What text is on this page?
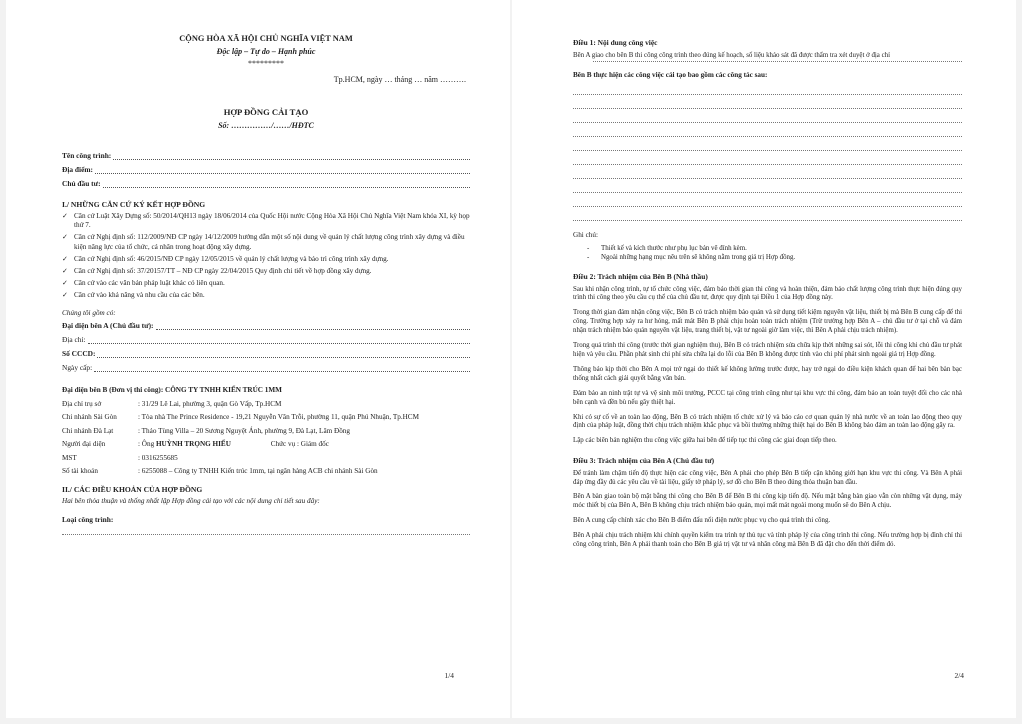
CỘNG HÒA XÃ HỘI CHỦ NGHĨA VIỆT NAM
Độc lập – Tự do – Hạnh phúc
*********
Tp.HCM, ngày … tháng … năm ……….
HỢP ĐỒNG CẢI TẠO
Số: ……………/……/HĐTC
Tên công trình:
Địa điểm:
Chủ đầu tư:
I./ NHỮNG CĂN CỨ KÝ KẾT HỢP ĐỒNG
✓ Căn cứ Luật Xây Dựng số: 50/2014/QH13 ngày 18/06/2014 của Quốc Hội nước Cộng Hòa Xã Hội Chủ Nghĩa Việt Nam khóa XI, kỳ họp thứ 7.
✓ Căn cứ Nghị định số: 112/2009/NĐ CP ngày 14/12/2009 hướng dẫn một số nội dung về quản lý chất lượng công trình xây dựng và điều kiện năng lực của tổ chức, cá nhân trong hoạt động xây dựng.
✓ Căn cứ Nghị định số: 46/2015/NĐ CP ngày 12/05/2015 về quản lý chất lượng và bảo trì công trình xây dựng.
✓ Căn cứ Nghị định số: 37/20157/TT – NĐ CP ngày 22/04/2015 Quy định chi tiết về hợp đồng xây dựng.
✓ Căn cứ vào các văn bản pháp luật khác có liên quan.
✓ Căn cứ vào khả năng và nhu cầu của các bên.
Chúng tôi gồm có:
Đại diện bên A (Chủ đầu tư):
Địa chỉ:
Số CCCD:
Ngày cấp:
Đại diện bên B (Đơn vị thi công): CÔNG TY TNHH KIẾN TRÚC 1MM
Địa chỉ trụ sở	: 31/29 Lê Lai, phường 3, quận Gò Vấp, Tp.HCM
Chi nhánh Sài Gòn	: Tòa nhà The Prince Residence - 19,21 Nguyễn Văn Trỗi, phường 11, quận Phú Nhuận, Tp.HCM
Chi nhánh Đà Lạt	: Thảo Tùng Villa – 20 Sương Nguyệt Ánh, phường 9, Đà Lạt, Lâm Đồng
Người đại diện	: Ông HUỲNH TRỌNG HIẾU	Chức vụ : Giám đốc
MST	: 0316255685
Số tài khoản	: 6255088 – Công ty TNHH Kiến trúc 1mm, tại ngân hàng ACB chi nhánh Sài Gòn
II./ CÁC ĐIỀU KHOẢN CỦA HỢP ĐỒNG
Hai bên thỏa thuận và thống nhất lập Hợp đồng cải tạo với các nội dung chi tiết sau đây:
Loại công trình:
1/4
Điều 1: Nội dung công việc
Bên A giao cho bên B thi công công trình theo đúng kế hoạch, số liệu khảo sát đã được thẩm tra xét duyệt ở địa chỉ
Bên B thực hiện các công việc cải tạo bao gồm các công tác sau:
Ghi chú:
-	Thiết kế và kích thước như phụ lục bản vẽ đính kèm.
-	Ngoài những hạng mục nêu trên sẽ không nằm trong giá trị Hợp đồng.
Điều 2: Trách nhiệm của Bên B (Nhà thầu)
Sau khi nhận công trình, tự tổ chức công việc, đảm bảo thời gian thi công và hoàn thiện, đảm bảo chất lượng công trình thực hiện đúng quy trình thi công theo yêu cầu cụ thể của chủ đầu tư, được quy định tại Điều 1 của Hợp đồng này.
Trong thời gian đảm nhận công việc, Bên B có trách nhiệm bảo quản và sử dụng tiết kiệm nguyên vật liệu, thiết bị mà Bên B cung cấp để thi công. Trường hợp xảy ra hư hỏng, mất mát Bên B phải chịu hoàn toàn trách nhiệm (Trừ trường hợp Bên A – chủ đầu tư ở tại chỗ và đảm nhận trách nhiệm bảo quản nguyên vật liệu, trang thiết bị, vật tư ngoài giờ làm việc, thì Bên A phải chịu trách nhiệm).
Trong quá trình thi công (trước thời gian nghiệm thu), Bên B có trách nhiệm sửa chữa kịp thời những sai sót, lỗi thi công khi chủ đầu tư phát hiện và yêu cầu. Phần phát sinh chi phí sửa chữa lại do lỗi của Bên B không được tính vào chi phí phát sinh ngoài giá trị Hợp đồng.
Thông báo kịp thời cho Bên A mọi trở ngại do thiết kế không lường trước được, hay trở ngại do điều kiện khách quan để hai bên bàn bạc thống nhất cách giải quyết bằng văn bản.
Đảm bảo an ninh trật tự và vệ sinh môi trường, PCCC tại công trình cũng như tại khu vực thi công, đảm bảo an toàn tuyệt đối cho các nhà bên cạnh và đền bù nếu gây thiệt hại.
Khi có sự cố về an toàn lao động, Bên B có trách nhiệm tổ chức xử lý và báo cáo cơ quan quản lý nhà nước về an toàn lao động theo quy định của pháp luật, đồng thời chịu trách nhiệm khắc phục và bồi thường những thiệt hại do Bên B không bảo đảm an toàn lao động gây ra.
Lập các biên bản nghiệm thu công việc giữa hai bên để tiếp tục thi công các giai đoạn tiếp theo.
Điều 3: Trách nhiệm của Bên A (Chủ đầu tư)
Để tránh làm chậm tiến độ thực hiện các công việc, Bên A phải cho phép Bên B tiếp cận không giới hạn khu vực thi công. Và Bên A phải đáp ứng đầy đủ các yêu cầu về tài liệu, giấy tờ pháp lý, sơ đồ cho Bên B theo đúng thỏa thuận ban đầu.
Bên A bàn giao toàn bộ mặt bằng thi công cho Bên B để Bên B thi công kịp tiến độ. Nếu mặt bằng bàn giao vẫn còn những vật dụng, máy móc thiết bị của Bên A, Bên B không chịu trách nhiệm bảo quản, mọi mất mát ngoài mong muốn sẽ do Bên A chịu.
Bên A cung cấp chính xác cho Bên B điểm đấu nối điện nước phục vụ cho quá trình thi công.
Bên A phải chịu trách nhiệm khi chính quyền kiểm tra trình tự thủ tục và tính pháp lý của công trình thi công. Nếu trường hợp bị đình chỉ thi công công trình, Bên A phải thanh toán cho Bên B giá trị vật tư và nhân công mà Bên B đã đặt cho đến thời điểm đó.
2/4
